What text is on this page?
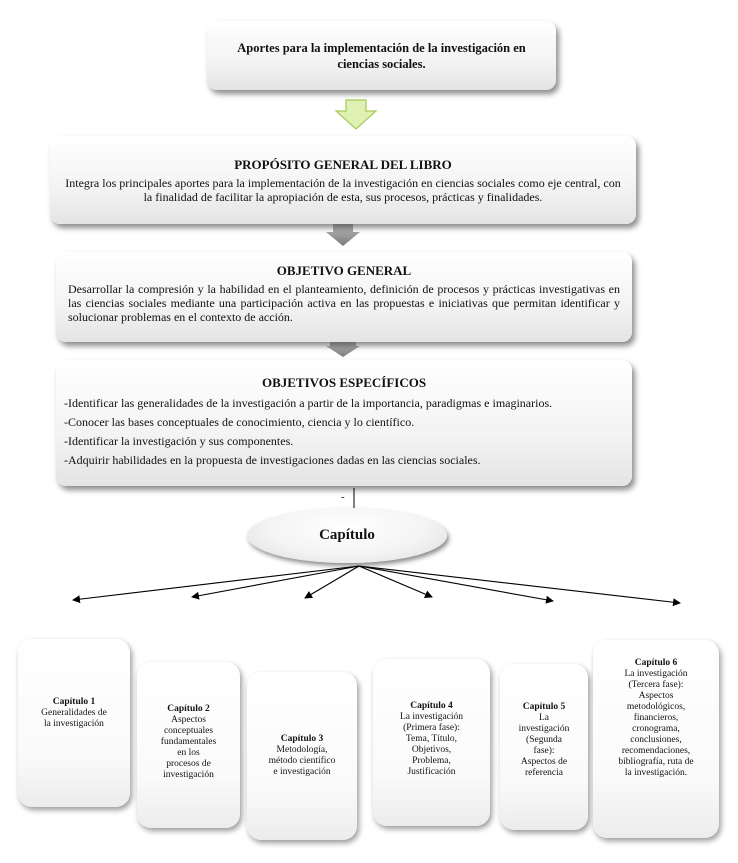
Aportes para la implementación de la investigación en ciencias sociales.
PROPÓSITO GENERAL DEL LIBRO
Integra los principales aportes para la implementación de la investigación en ciencias sociales como eje central, con la finalidad de facilitar la apropiación de esta, sus procesos, prácticas y finalidades.
OBJETIVO GENERAL
Desarrollar la compresión y la habilidad en el planteamiento, definición de procesos y prácticas investigativas en las ciencias sociales mediante una participación activa en las propuestas e iniciativas que permitan identificar y solucionar problemas en el contexto de acción.
OBJETIVOS ESPECÍFICOS
-Identificar las generalidades de la investigación a partir de la importancia, paradigmas e imaginarios.
-Conocer las bases conceptuales de conocimiento, ciencia y lo científico.
-Identificar la investigación y sus componentes.
-Adquirir habilidades en la propuesta de investigaciones dadas en las ciencias sociales.
-
Capítulo
Capítulo 1
Generalidades de
la investigación
Capítulo 2
Aspectos
conceptuales
fundamentales
en los
procesos de
investigación
Capítulo 3
Metodología,
método científico
e investigación
Capítulo 4
La investigación
(Primera fase):
Tema, Título,
Objetivos,
Problema,
Justificación
Capítulo 5
La
investigación
(Segunda
fase):
Aspectos de
referencia
Capítulo 6
La investigación
(Tercera fase):
Aspectos
metodológicos,
financieros,
cronograma,
conclusiones,
recomendaciones,
bibliografía, ruta de
la investigación.
